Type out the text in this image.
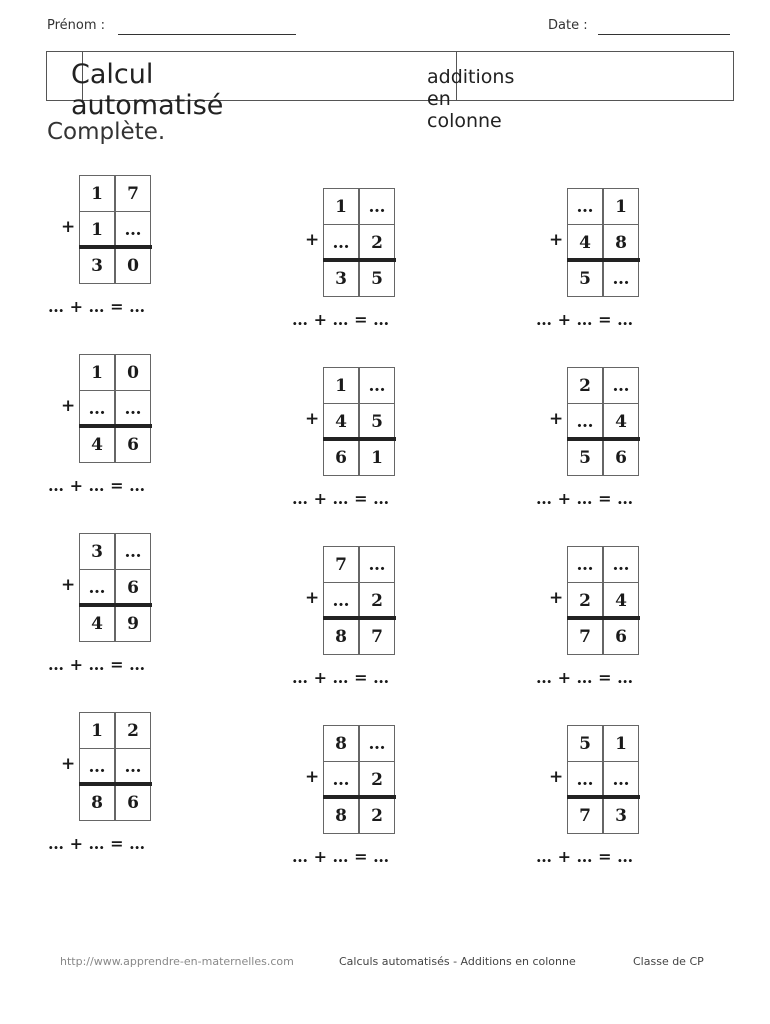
Prénom :	Date :
Calcul automatisé
additions en colonne
Complète.
+
1	7
1	…
3	0
… + … = …
+
1	…
…	2
3	5
… + … = …
+
…	1
4	8
5	…
… + … = …
+
1	0
…	…
4	6
… + … = …
+
1	…
4	5
6	1
… + … = …
+
2	…
…	4
5	6
… + … = …
+
3	…
…	6
4	9
… + … = …
+
7	…
…	2
8	7
… + … = …
+
…	…
2	4
7	6
… + … = …
+
1	2
…	…
8	6
… + … = …
+
8	…
…	2
8	2
… + … = …
+
5	1
…	…
7	3
… + … = …
http://www.apprendre-en-maternelles.com	Calculs automatisés - Additions en colonne	Classe de CP
